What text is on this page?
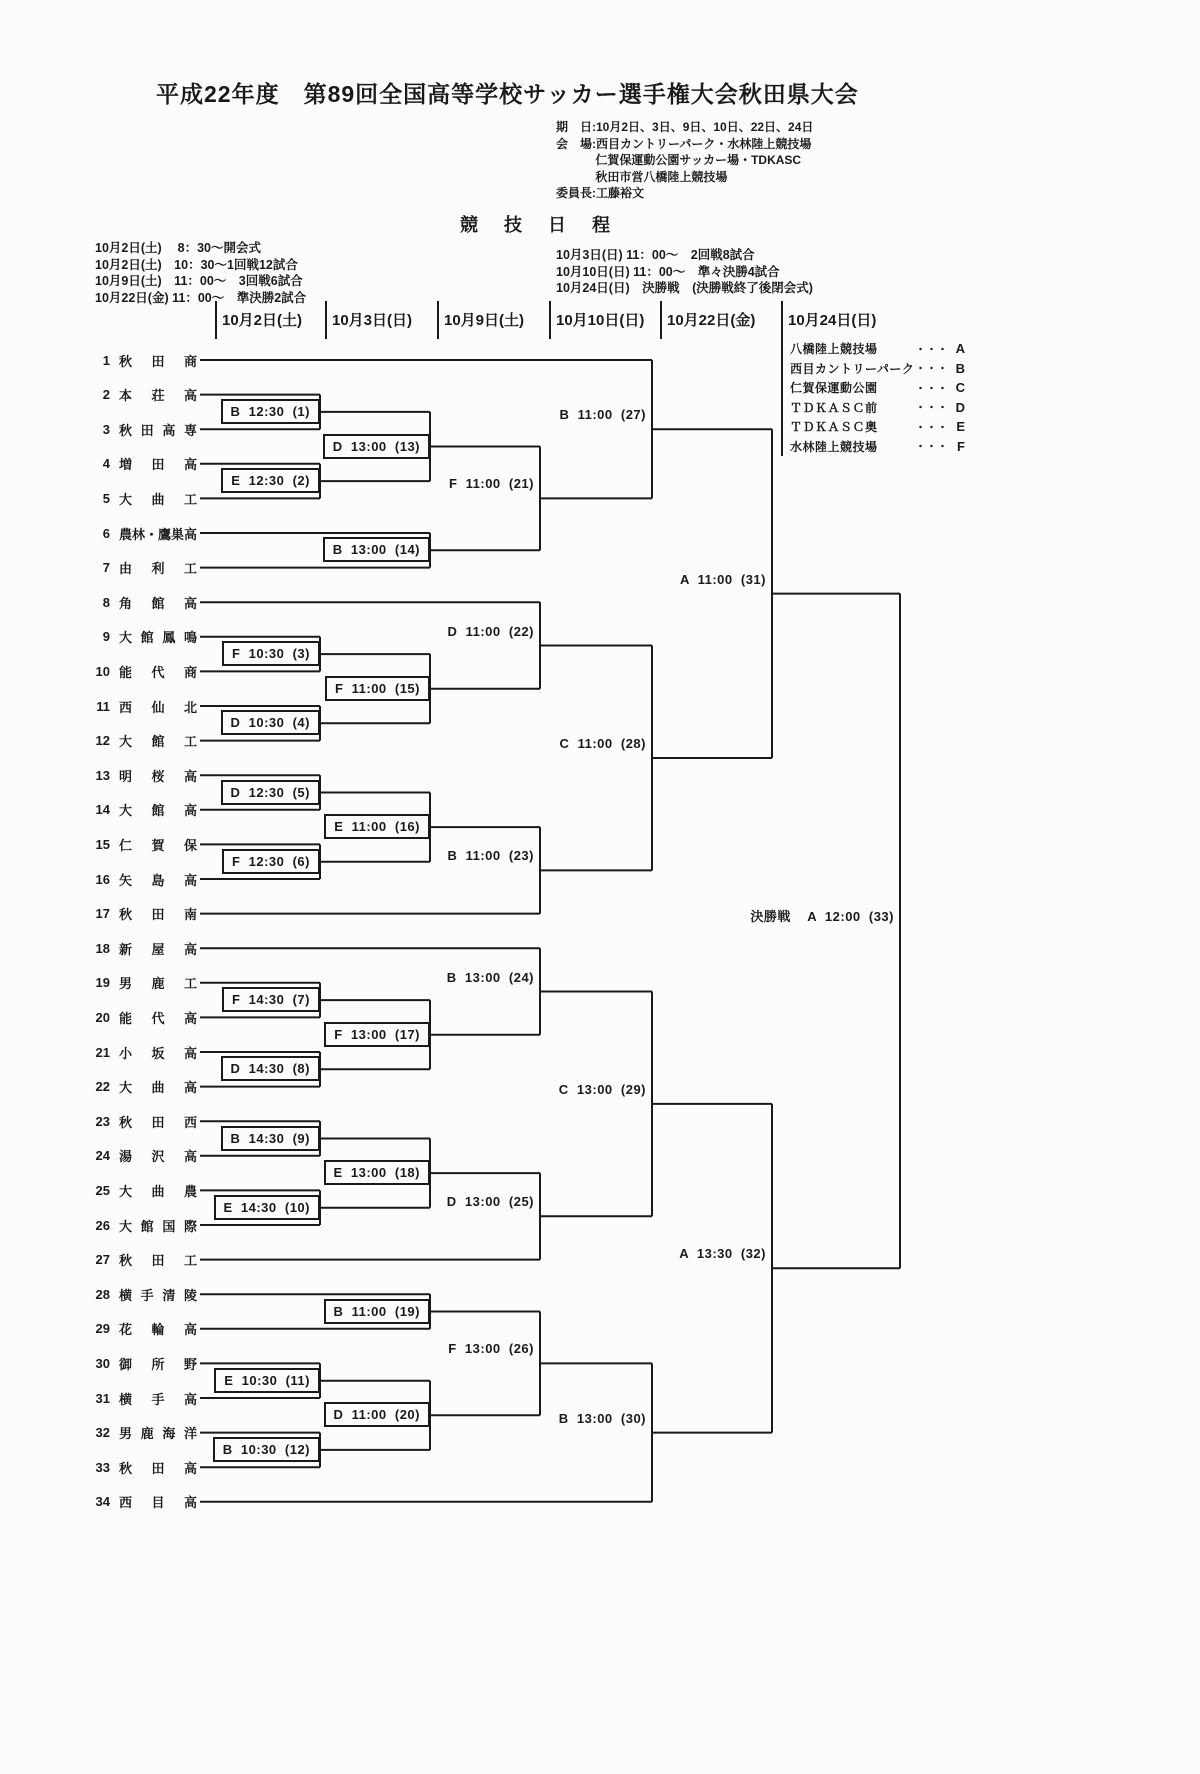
平成22年度　第89回全国高等学校サッカー選手権大会秋田県大会
期　日:10月2日、3日、9日、10日、22日、24日
会　場:西目カントリーパーク・水林陸上競技場
　　　 仁賀保運動公園サッカー場・TDKASC
　　　 秋田市営八橋陸上競技場
委員長:工藤裕文
競　技　日　程
10月2日(土)　 8：30〜開会式
10月2日(土)　10：30〜1回戦12試合
10月9日(土)　11：00〜　3回戦6試合
10月22日(金) 11：00〜　準決勝2試合
10月3日(日) 11：00〜　2回戦8試合
10月10日(日) 11：00〜　準々決勝4試合
10月24日(日)　決勝戦　(決勝戦終了後閉会式)
10月2日(土)	10月3日(日)	10月9日(土)	10月10日(日)	10月22日(金)	10月24日(日)
八橋陸上競技場	・・・ A
西目カントリーパーク ・・・ B
仁賀保運動公園	・・・ C
ＴＤＫＡＳＣ前	・・・ D
ＴＤＫＡＳＣ奥	・・・ E
水林陸上競技場	・・・ F
1 秋田商
2 本荘高
3 秋田高専
4 増田高
5 大曲工
6 農林・鷹巣高
7 由利工
8 角館高
9 大館鳳鳴
10 能代商
11 西仙北
12 大館工
13 明桜高
14 大館高
15 仁賀保
16 矢島高
17 秋田南
18 新屋高
19 男鹿工
20 能代高
21 小坂高
22 大曲高
23 秋田西
24 湯沢高
25 大曲農
26 大館国際
27 秋田工
28 横手清陵
29 花輪高
30 御所野
31 横手高
32 男鹿海洋
33 秋田高
34 西目高
B  12:30  (1)
E  12:30  (2)
F  10:30  (3)
D  10:30  (4)
D  12:30  (5)
F  12:30  (6)
F  14:30  (7)
D  14:30  (8)
B  14:30  (9)
E  14:30  (10)
E  10:30  (11)
B  10:30  (12)
D  13:00  (13)
B  13:00  (14)
F  11:00  (15)
E  11:00  (16)
F  13:00  (17)
E  13:00  (18)
B  11:00  (19)
D  11:00  (20)
F  11:00  (21)
D  11:00  (22)
B  11:00  (23)
B  13:00  (24)
D  13:00  (25)
F  13:00  (26)
B  11:00  (27)
C  11:00  (28)
C  13:00  (29)
B  13:00  (30)
A  11:00  (31)
A  13:30  (32)
決勝戦    A  12:00  (33)
